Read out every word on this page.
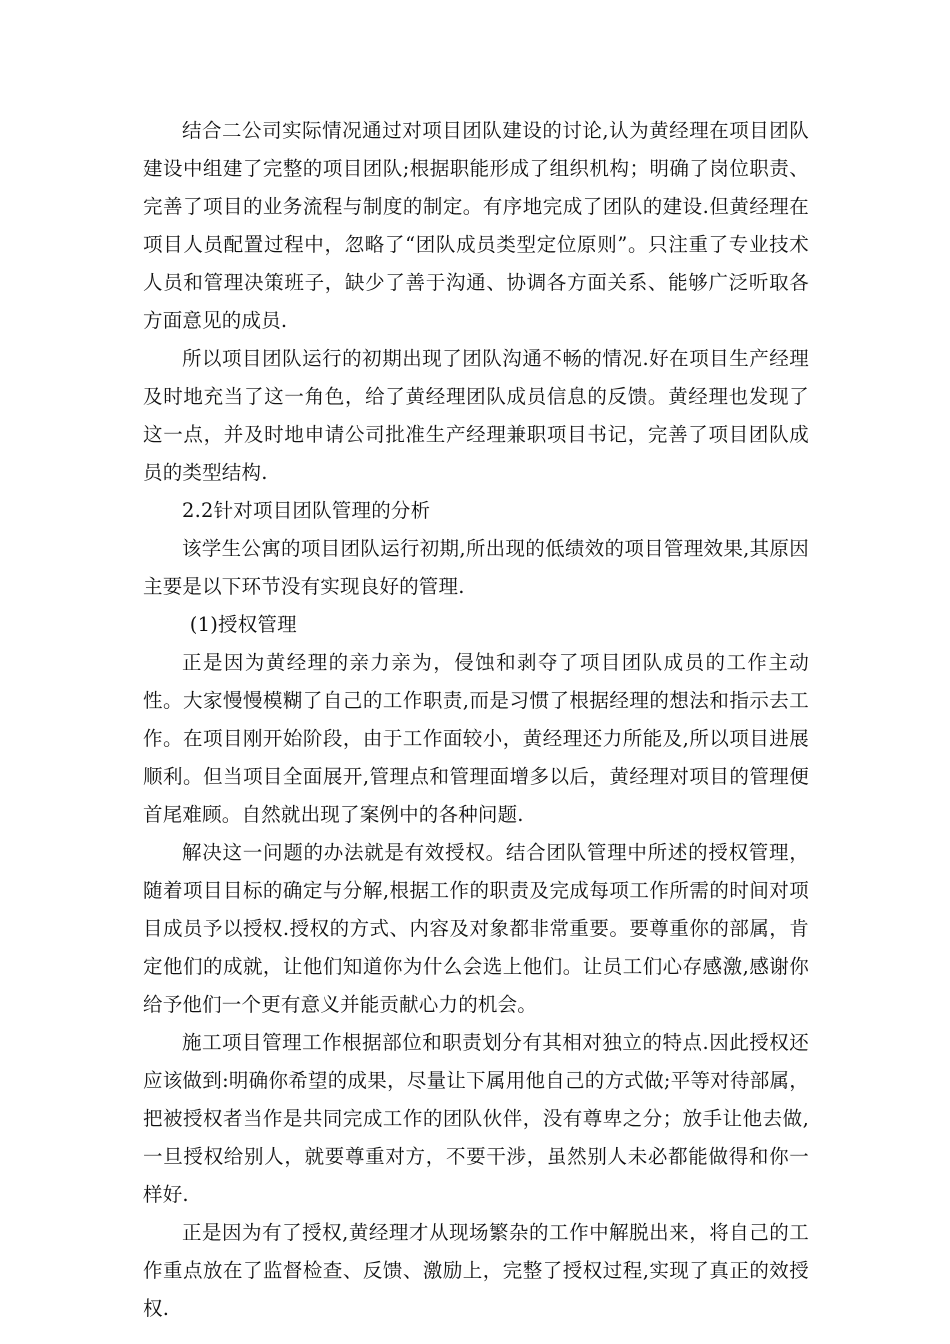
结合二公司实际情况通过对项目团队建设的讨论,认为黄经理在项目团队建设中组建了完整的项目团队;根据职能形成了组织机构；明确了岗位职责、完善了项目的业务流程与制度的制定。有序地完成了团队的建设.但黄经理在项目人员配置过程中，忽略了“团队成员类型定位原则”。只注重了专业技术人员和管理决策班子，缺少了善于沟通、协调各方面关系、能够广泛听取各方面意见的成员.

所以项目团队运行的初期出现了团队沟通不畅的情况.好在项目生产经理及时地充当了这一角色，给了黄经理团队成员信息的反馈。黄经理也发现了这一点，并及时地申请公司批准生产经理兼职项目书记，完善了项目团队成员的类型结构.

2.2针对项目团队管理的分析

该学生公寓的项目团队运行初期,所出现的低绩效的项目管理效果,其原因主要是以下环节没有实现良好的管理.

(1)授权管理

正是因为黄经理的亲力亲为，侵蚀和剥夺了项目团队成员的工作主动性。大家慢慢模糊了自己的工作职责,而是习惯了根据经理的想法和指示去工作。在项目刚开始阶段，由于工作面较小，黄经理还力所能及,所以项目进展顺利。但当项目全面展开,管理点和管理面增多以后，黄经理对项目的管理便首尾难顾。自然就出现了案例中的各种问题.

解决这一问题的办法就是有效授权。结合团队管理中所述的授权管理，随着项目目标的确定与分解,根据工作的职责及完成每项工作所需的时间对项目成员予以授权.授权的方式、内容及对象都非常重要。要尊重你的部属，肯定他们的成就，让他们知道你为什么会选上他们。让员工们心存感激,感谢你给予他们一个更有意义并能贡献心力的机会。

施工项目管理工作根据部位和职责划分有其相对独立的特点.因此授权还应该做到:明确你希望的成果，尽量让下属用他自己的方式做;平等对待部属，把被授权者当作是共同完成工作的团队伙伴，没有尊卑之分；放手让他去做,一旦授权给别人，就要尊重对方，不要干涉，虽然别人未必都能做得和你一样好.

正是因为有了授权,黄经理才从现场繁杂的工作中解脱出来，将自己的工作重点放在了监督检查、反馈、激励上，完整了授权过程,实现了真正的效授权.
